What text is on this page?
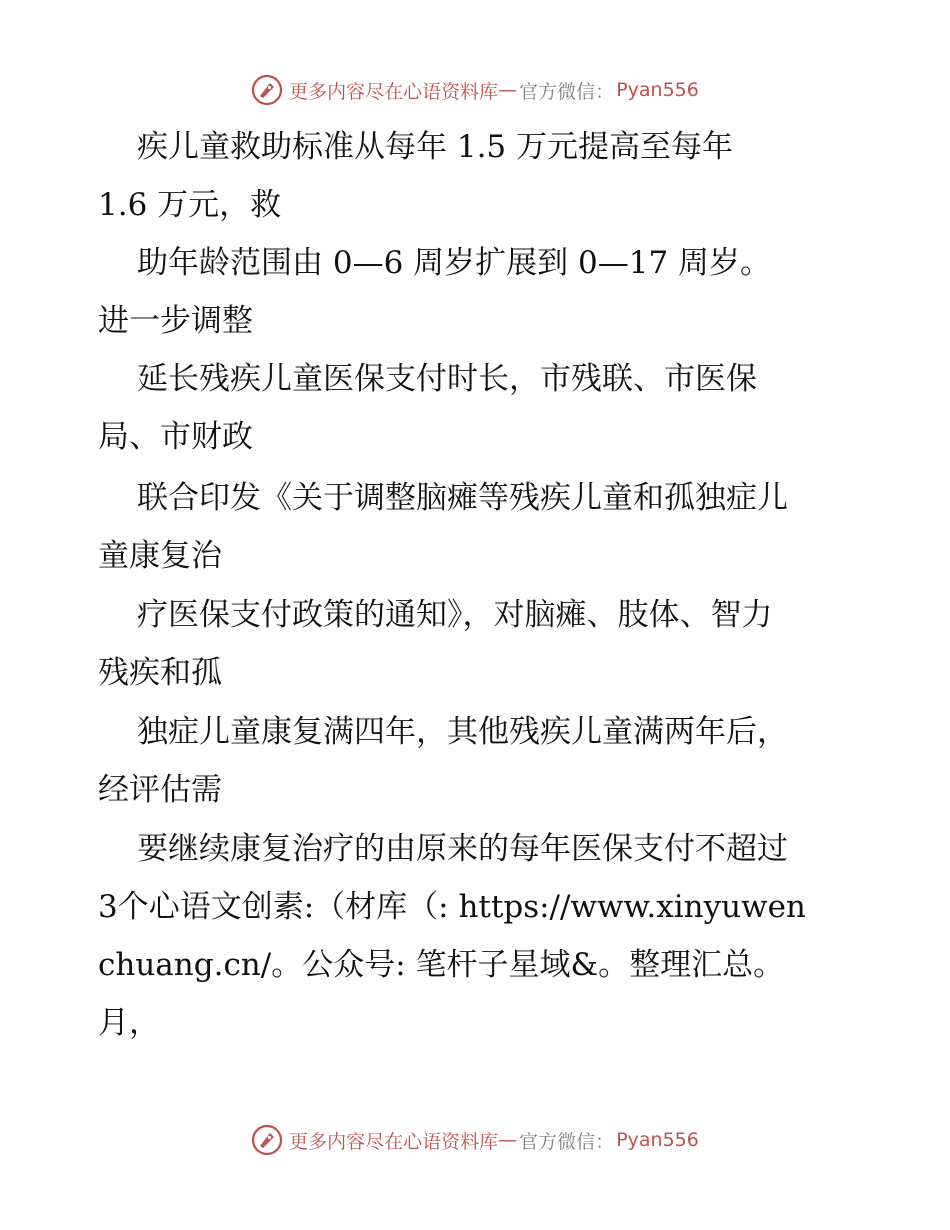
更多内容尽在心语资料库 — 官方微信： Pyan556
疾儿童救助标准从每年 1.5 万元提高至每年
1.6 万元，救
助年龄范围由 0—6 周岁扩展到 0—17 周岁。
进一步调整
延长残疾儿童医保支付时长，市残联、市医保
局、市财政
联合印发《关于调整脑瘫等残疾儿童和孤独症儿
童康复治
疗医保支付政策的通知》，对脑瘫、肢体、智力
残疾和孤
独症儿童康复满四年，其他残疾儿童满两年后，
经评估需
要继续康复治疗的由原来的每年医保支付不超过
3个心语文创素:（材库（: https://www.xinyuwen
chuang.cn/。公众号: 笔杆子星域&。整理汇总。
月，
更多内容尽在心语资料库 — 官方微信： Pyan556
